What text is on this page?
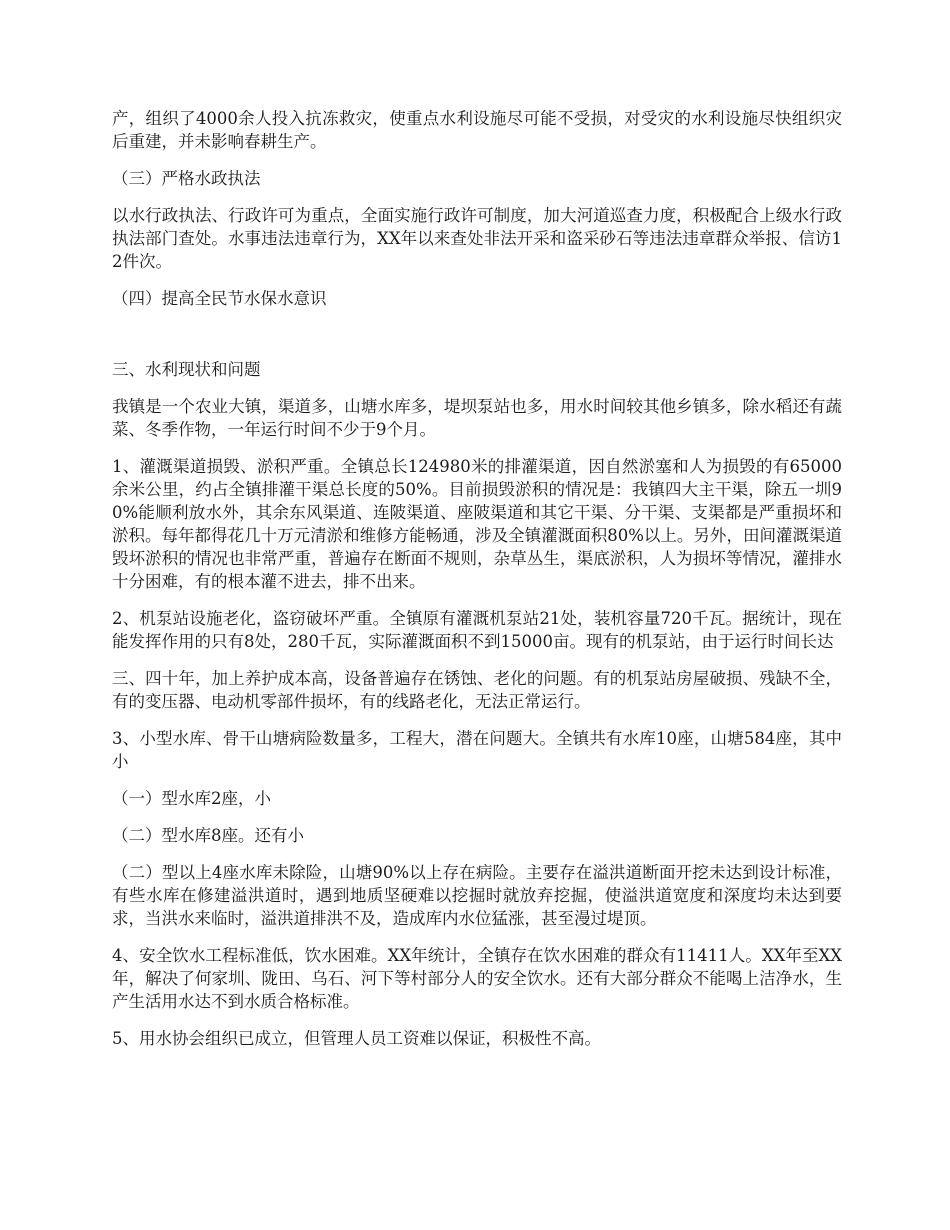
产，组织了4000余人投入抗冻救灾，使重点水利设施尽可能不受损，对受灾的水利设施尽快组织灾后重建，并未影响春耕生产。

（三）严格水政执法

以水行政执法、行政许可为重点，全面实施行政许可制度，加大河道巡查力度，积极配合上级水行政执法部门查处。水事违法违章行为，XX年以来查处非法开采和盗采砂石等违法违章群众举报、信访12件次。

（四）提高全民节水保水意识

三、水利现状和问题

我镇是一个农业大镇，渠道多，山塘水库多，堤坝泵站也多，用水时间较其他乡镇多，除水稻还有蔬菜、冬季作物，一年运行时间不少于9个月。

1、灌溉渠道损毁、淤积严重。全镇总长124980米的排灌渠道，因自然淤塞和人为损毁的有65000余米公里，约占全镇排灌干渠总长度的50%。目前损毁淤积的情况是：我镇四大主干渠，除五一圳90%能顺利放水外，其余东风渠道、连陂渠道、座陂渠道和其它干渠、分干渠、支渠都是严重损坏和淤积。每年都得花几十万元清淤和维修方能畅通，涉及全镇灌溉面积80%以上。另外，田间灌溉渠道毁坏淤积的情况也非常严重，普遍存在断面不规则，杂草丛生，渠底淤积，人为损坏等情况，灌排水十分困难，有的根本灌不进去，排不出来。

2、机泵站设施老化，盗窃破坏严重。全镇原有灌溉机泵站21处，装机容量720千瓦。据统计，现在能发挥作用的只有8处，280千瓦，实际灌溉面积不到15000亩。现有的机泵站，由于运行时间长达

三、四十年，加上养护成本高，设备普遍存在锈蚀、老化的问题。有的机泵站房屋破损、残缺不全，有的变压器、电动机零部件损坏，有的线路老化，无法正常运行。

3、小型水库、骨干山塘病险数量多，工程大，潜在问题大。全镇共有水库10座，山塘584座，其中小

（一）型水库2座，小

（二）型水库8座。还有小

（二）型以上4座水库未除险，山塘90%以上存在病险。主要存在溢洪道断面开挖未达到设计标准，有些水库在修建溢洪道时，遇到地质坚硬难以挖掘时就放弃挖掘，使溢洪道宽度和深度均未达到要求，当洪水来临时，溢洪道排洪不及，造成库内水位猛涨，甚至漫过堤顶。

4、安全饮水工程标准低，饮水困难。XX年统计，全镇存在饮水困难的群众有11411人。XX年至XX年，解决了何家圳、陇田、乌石、河下等村部分人的安全饮水。还有大部分群众不能喝上洁净水，生产生活用水达不到水质合格标准。

5、用水协会组织已成立，但管理人员工资难以保证，积极性不高。
